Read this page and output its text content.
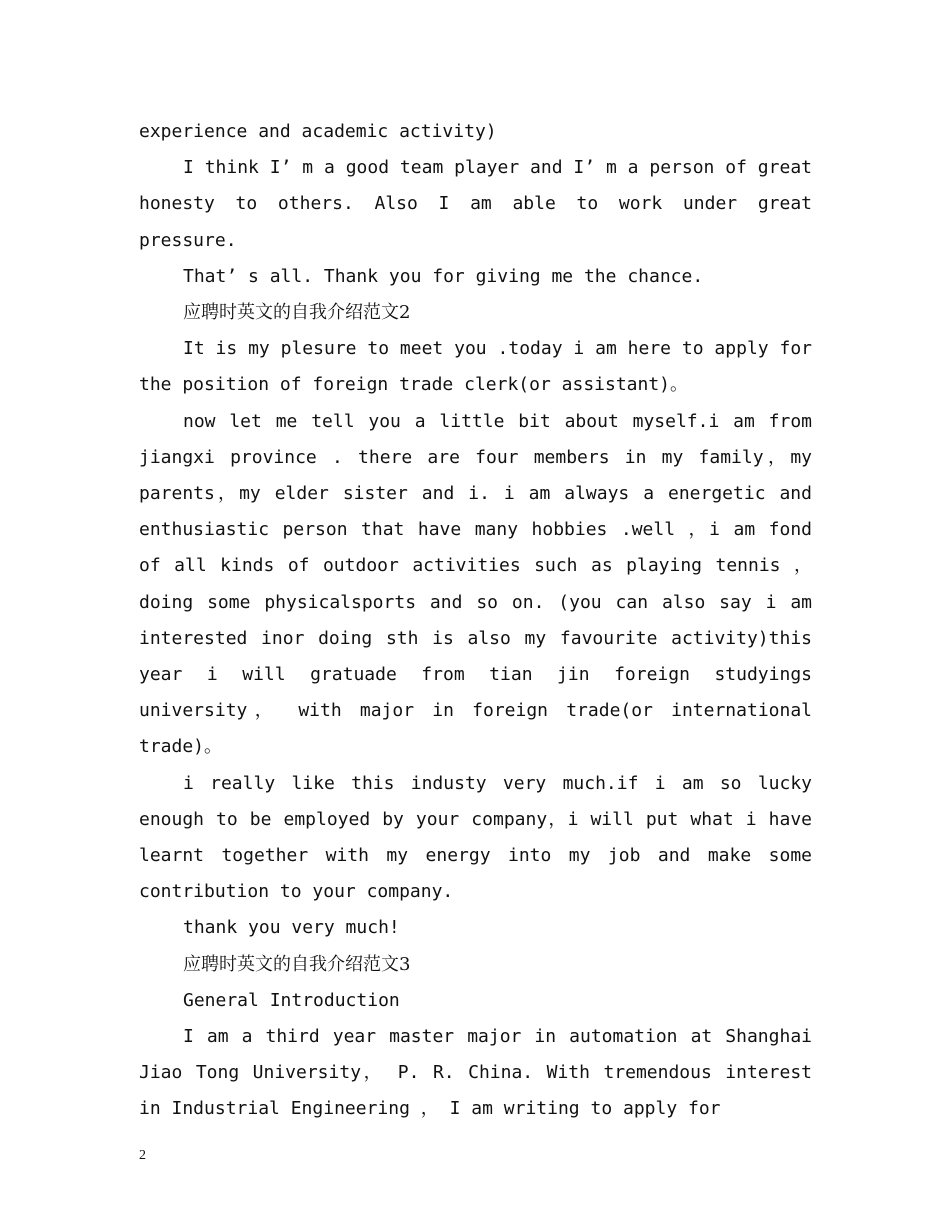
experience and academic activity)

I think I’ m a good team player and I’ m a person of great honesty to others. Also I am able to work under great pressure.

That’ s all. Thank you for giving me the chance.

应聘时英文的自我介绍范文2

It is my plesure to meet you .today i am here to apply for the position of foreign trade clerk(or assistant)。

now let me tell you a little bit about myself.i am from jiangxi province . there are four members in my family，my parents，my elder sister and i. i am always a energetic and enthusiastic person that have many hobbies .well ，i am fond of all kinds of outdoor activities such as playing tennis ， doing some physicalsports and so on. (you can also say i am interested inor doing sth is also my favourite activity)this year i will gratuade from tian jin foreign studyings university， with major in foreign trade(or international trade)。

i really like this industy very much.if i am so lucky enough to be employed by your company，i will put what i have learnt together with my energy into my job and make some contribution to your company.

thank you very much!

应聘时英文的自我介绍范文3

General Introduction

I am a third year master major in automation at Shanghai Jiao Tong University， P. R. China. With tremendous interest in Industrial Engineering ， I am writing to apply for

2
